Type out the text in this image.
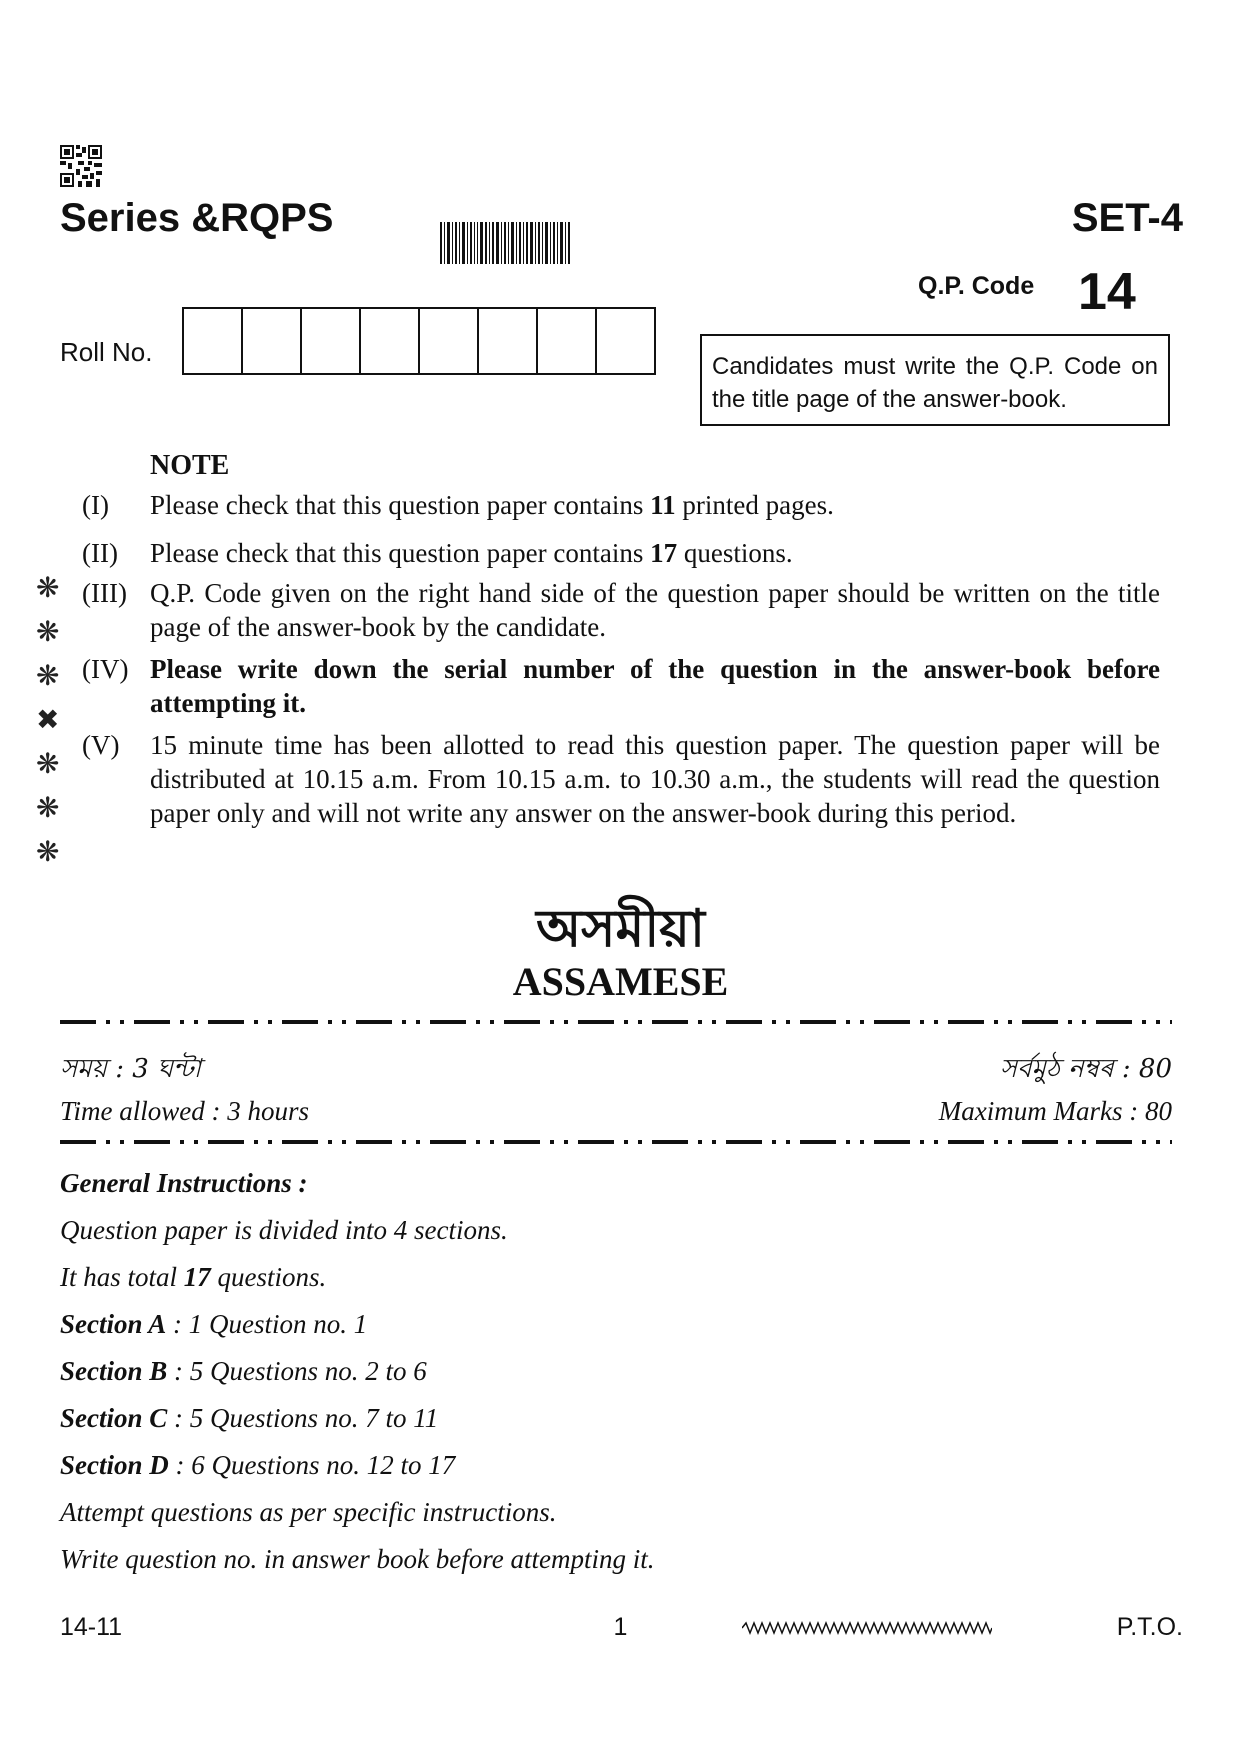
Series &RQPS	SET-4
Q.P. Code 14
Roll No.	Candidates must write the Q.P. Code on the title page of the answer-book.
NOTE
(I)	Please check that this question paper contains 11 printed pages.
(II)	Please check that this question paper contains 17 questions.
(III) Q.P. Code given on the right hand side of the question paper should be written on the title page of the answer-book by the candidate.
(IV) Please write down the serial number of the question in the answer-book before attempting it.
(V)	15 minute time has been allotted to read this question paper. The question paper will be distributed at 10.15 a.m. From 10.15 a.m. to 10.30 a.m., the students will read the question paper only and will not write any answer on the answer-book during this period.
❋
❋
❋
✖
❋
❋
❋
অসমীয়া
ASSAMESE
সময় : 3 ঘন্টা	সৰ্বমুঠ নম্বৰ : 80
Time allowed : 3 hours	Maximum Marks : 80
General Instructions :
Question paper is divided into 4 sections.
It has total 17 questions.
Section A : 1 Question no. 1
Section B : 5 Questions no. 2 to 6
Section C : 5 Questions no. 7 to 11
Section D : 6 Questions no. 12 to 17
Attempt questions as per specific instructions.
Write question no. in answer book before attempting it.
14-11	1	P.T.O.
